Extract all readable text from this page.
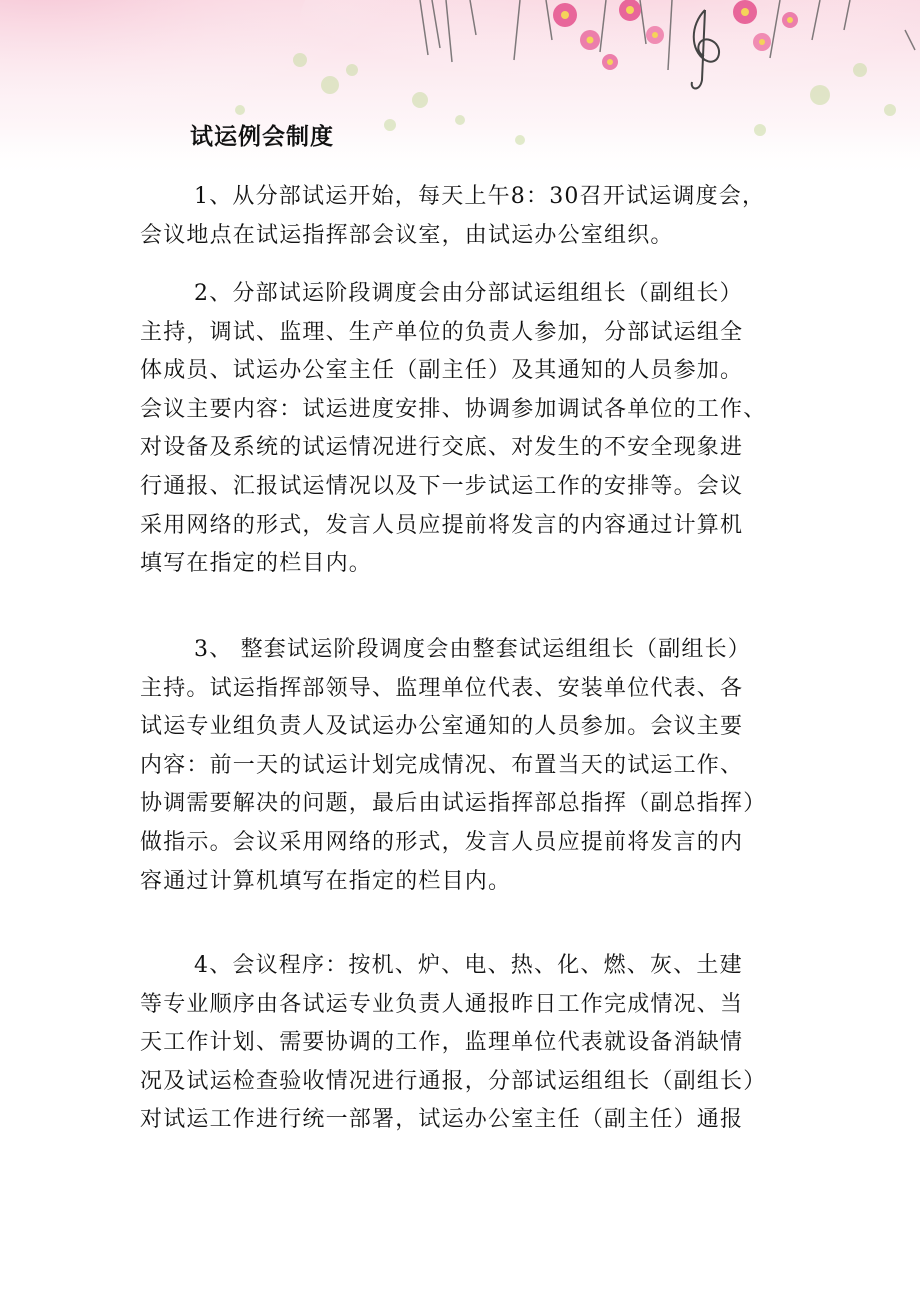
试运例会制度

1、从分部试运开始，每天上午8：30召开试运调度会，
会议地点在试运指挥部会议室，由试运办公室组织。

2、分部试运阶段调度会由分部试运组组长（副组长）
主持，调试、监理、生产单位的负责人参加，分部试运组全
体成员、试运办公室主任（副主任）及其通知的人员参加。
会议主要内容：试运进度安排、协调参加调试各单位的工作、
对设备及系统的试运情况进行交底、对发生的不安全现象进
行通报、汇报试运情况以及下一步试运工作的安排等。会议
采用网络的形式，发言人员应提前将发言的内容通过计算机
填写在指定的栏目内。

3、 整套试运阶段调度会由整套试运组组长（副组长）
主持。试运指挥部领导、监理单位代表、安装单位代表、各
试运专业组负责人及试运办公室通知的人员参加。会议主要
内容：前一天的试运计划完成情况、布置当天的试运工作、
协调需要解决的问题，最后由试运指挥部总指挥（副总指挥）
做指示。会议采用网络的形式，发言人员应提前将发言的内
容通过计算机填写在指定的栏目内。

4、会议程序：按机、炉、电、热、化、燃、灰、土建
等专业顺序由各试运专业负责人通报昨日工作完成情况、当
天工作计划、需要协调的工作，监理单位代表就设备消缺情
况及试运检查验收情况进行通报，分部试运组组长（副组长）
对试运工作进行统一部署，试运办公室主任（副主任）通报
